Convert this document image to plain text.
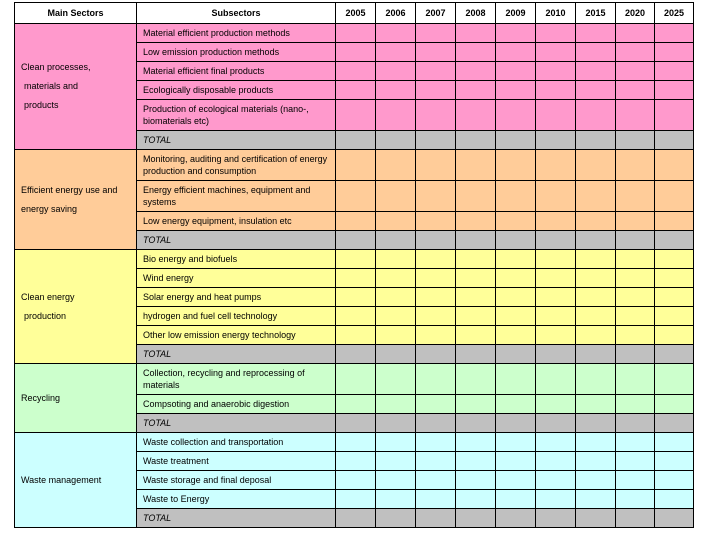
Main Sectors	Subsectors	2005	2006	2007	2008	2009	2010	2015	2020	2025

Clean processes,
materials and
products	Material efficient production methods									
	Low emission production methods									
	Material efficient final products									
	Ecologically disposable products									
	Production of ecological materials (nano-, biomaterials etc)									
	TOTAL									

Efficient energy use and energy saving	Monitoring, auditing and certification of energy production and consumption									
	Energy efficient machines, equipment and systems									
	Low energy equipment, insulation etc									
	TOTAL									

Clean energy
production	Bio energy and biofuels									
	Wind energy									
	Solar energy and heat pumps									
	hydrogen and fuel cell technology									
	Other low emission energy technology									
	TOTAL									

Recycling	Collection, recycling and reprocessing of materials									
	Compsoting and anaerobic digestion									
	TOTAL									

Waste management	Waste collection and transportation									
	Waste treatment									
	Waste storage and final deposal									
	Waste to Energy									
	TOTAL									
